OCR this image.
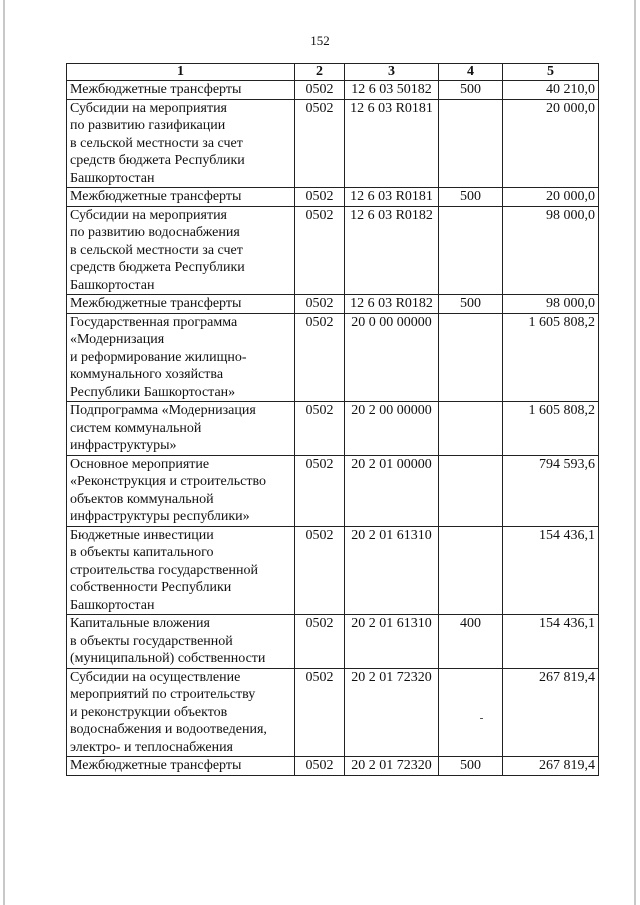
152
1	2	3	4	5
Межбюджетные трансферты	0502	12 6 03 50182	500	40 210,0
Субсидии на мероприятия
по развитию газификации
в сельской местности за счет
средств бюджета Республики
Башкортостан	0502	12 6 03 R0181		20 000,0
Межбюджетные трансферты	0502	12 6 03 R0181	500	20 000,0
Субсидии на мероприятия
по развитию водоснабжения
в сельской местности за счет
средств бюджета Республики
Башкортостан	0502	12 6 03 R0182		98 000,0
Межбюджетные трансферты	0502	12 6 03 R0182	500	98 000,0
Государственная программа
«Модернизация
и реформирование жилищно-
коммунального хозяйства
Республики Башкортостан»	0502	20 0 00 00000		1 605 808,2
Подпрограмма «Модернизация
систем коммунальной
инфраструктуры»	0502	20 2 00 00000		1 605 808,2
Основное мероприятие
«Реконструкция и строительство
объектов коммунальной
инфраструктуры республики»	0502	20 2 01 00000		794 593,6
Бюджетные инвестиции
в объекты капитального
строительства государственной
собственности Республики
Башкортостан	0502	20 2 01 61310		154 436,1
Капитальные вложения
в объекты государственной
(муниципальной) собственности	0502	20 2 01 61310	400	154 436,1
Субсидии на осуществление
мероприятий по строительству
и реконструкции объектов
водоснабжения и водоотведения,
электро- и теплоснабжения	0502	20 2 01 72320		267 819,4
Межбюджетные трансферты	0502	20 2 01 72320	500	267 819,4
